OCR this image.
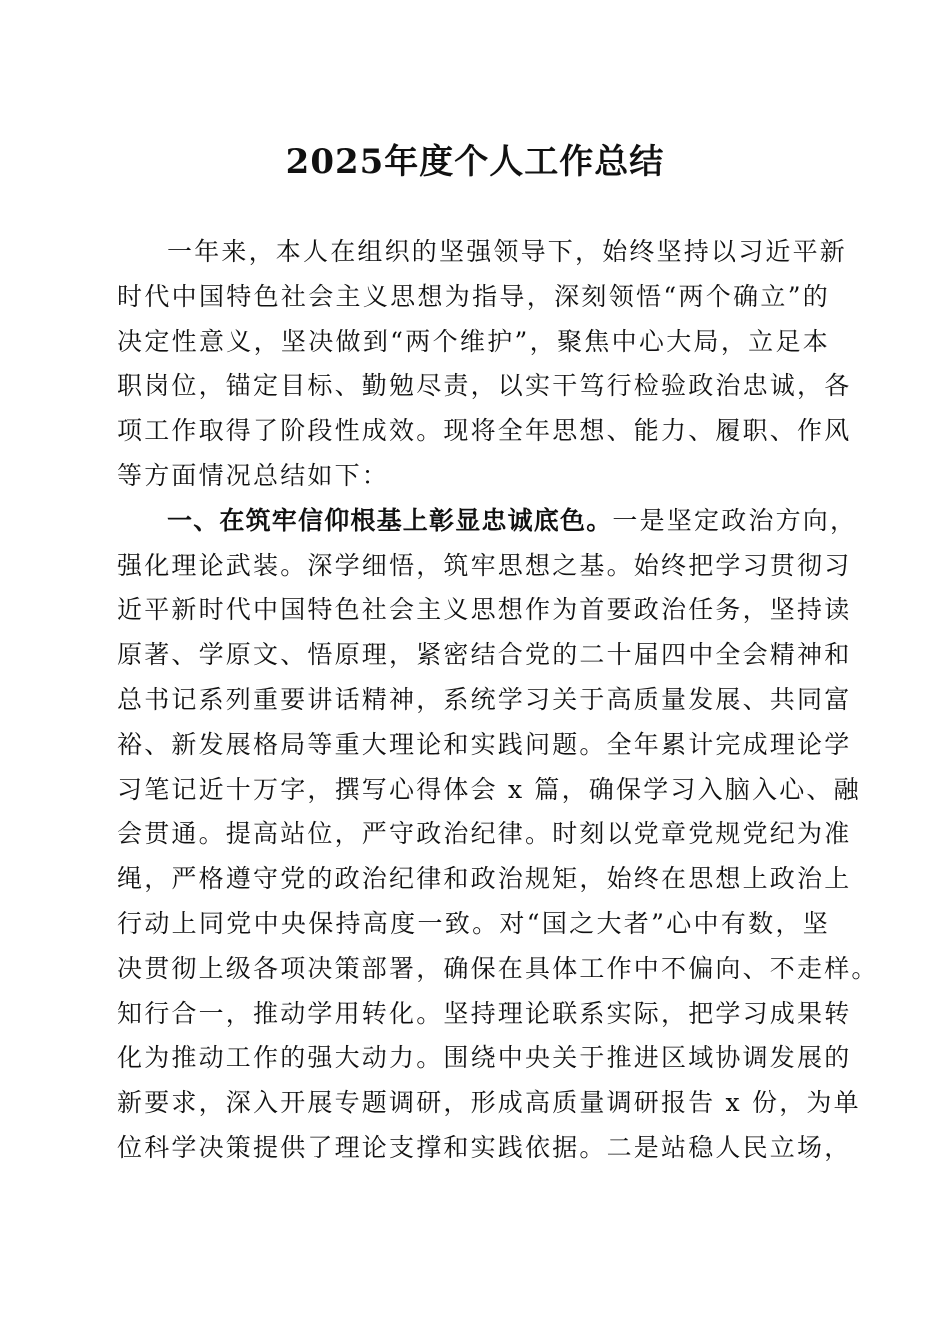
2025年度个人工作总结
一年来，本人在组织的坚强领导下，始终坚持以习近平新
时代中国特色社会主义思想为指导，深刻领悟“两个确立”的
决定性意义，坚决做到“两个维护”，聚焦中心大局，立足本
职岗位，锚定目标、勤勉尽责，以实干笃行检验政治忠诚，各
项工作取得了阶段性成效。现将全年思想、能力、履职、作风
等方面情况总结如下：
一、在筑牢信仰根基上彰显忠诚底色。一是坚定政治方向，
强化理论武装。深学细悟，筑牢思想之基。始终把学习贯彻习
近平新时代中国特色社会主义思想作为首要政治任务，坚持读
原著、学原文、悟原理，紧密结合党的二十届四中全会精神和
总书记系列重要讲话精神，系统学习关于高质量发展、共同富
裕、新发展格局等重大理论和实践问题。全年累计完成理论学
习笔记近十万字，撰写心得体会 x 篇，确保学习入脑入心、融
会贯通。提高站位，严守政治纪律。时刻以党章党规党纪为准
绳，严格遵守党的政治纪律和政治规矩，始终在思想上政治上
行动上同党中央保持高度一致。对“国之大者”心中有数，坚
决贯彻上级各项决策部署，确保在具体工作中不偏向、不走样。
知行合一，推动学用转化。坚持理论联系实际，把学习成果转
化为推动工作的强大动力。围绕中央关于推进区域协调发展的
新要求，深入开展专题调研，形成高质量调研报告 x 份，为单
位科学决策提供了理论支撑和实践依据。二是站稳人民立场，
